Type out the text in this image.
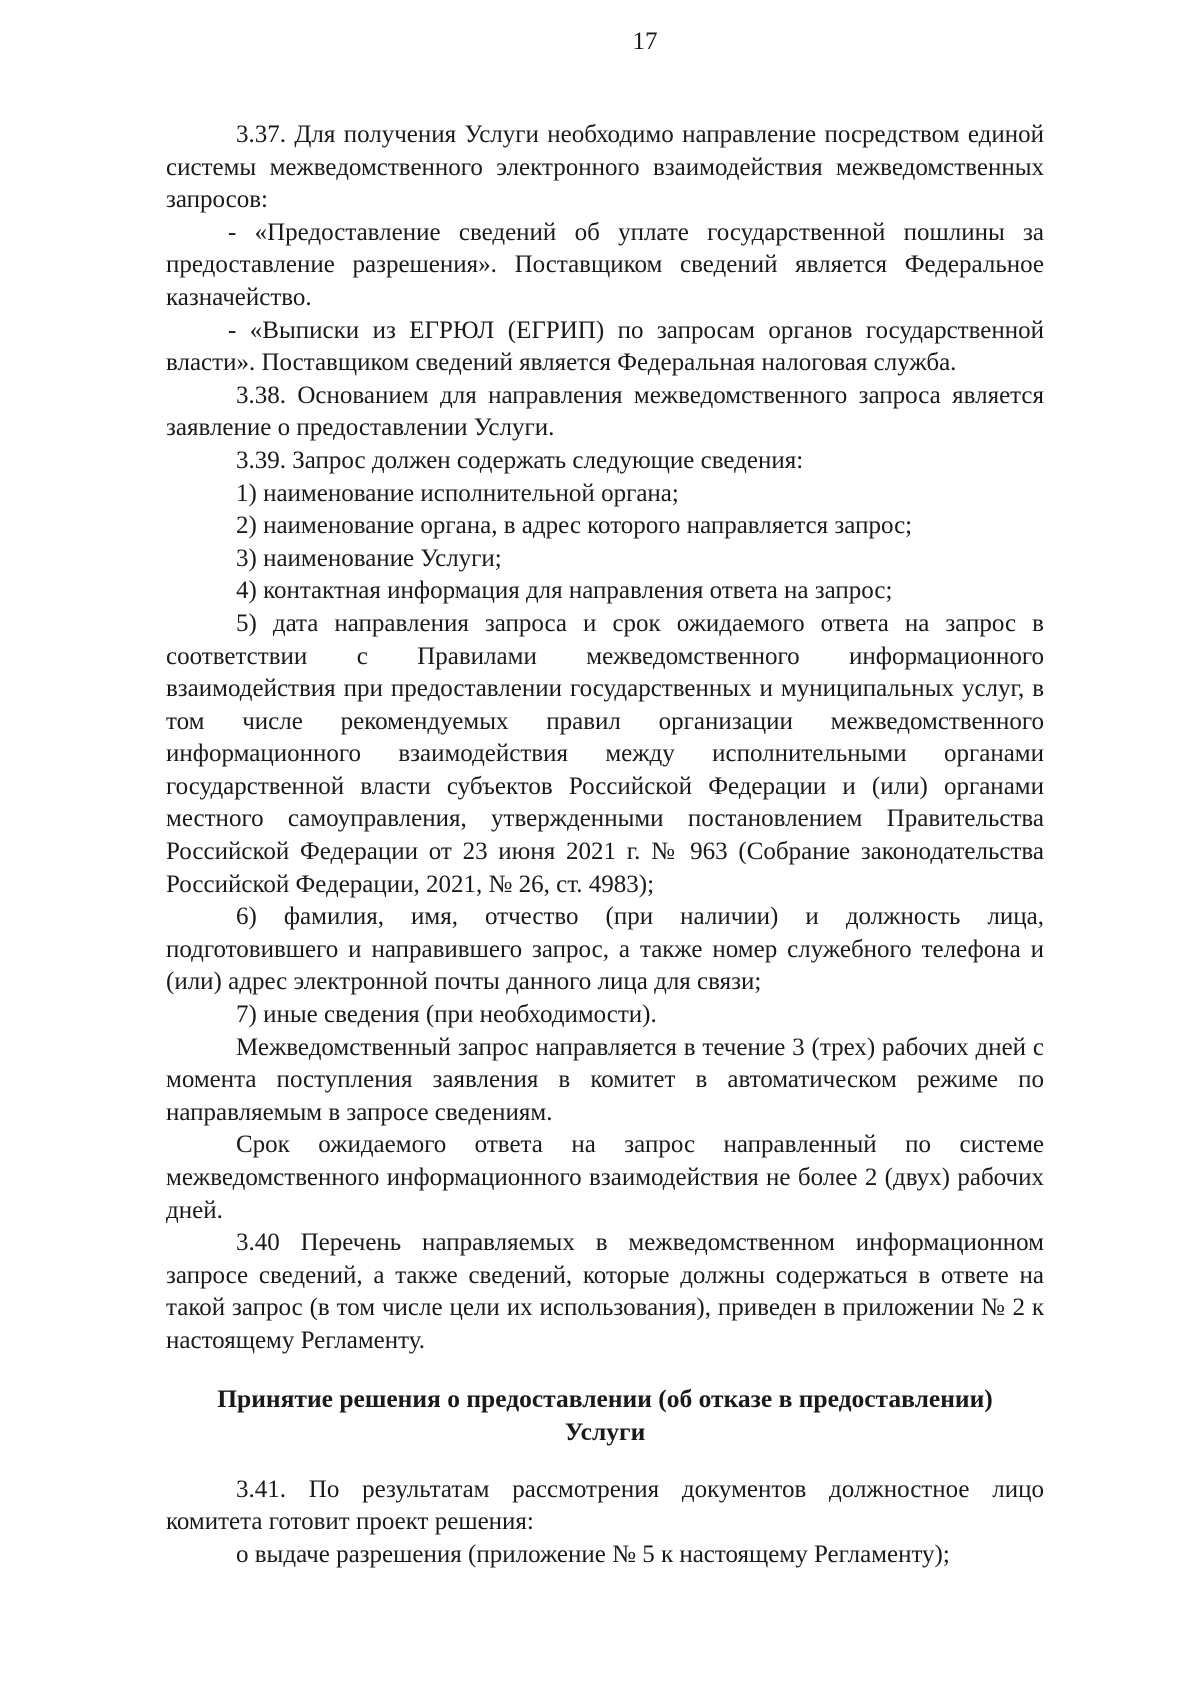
17

3.37. Для получения Услуги необходимо направление посредством единой системы межведомственного электронного взаимодействия межведомственных запросов:

- «Предоставление сведений об уплате государственной пошлины за предоставление разрешения». Поставщиком сведений является Федеральное казначейство.

- «Выписки из ЕГРЮЛ (ЕГРИП) по запросам органов государственной власти». Поставщиком сведений является Федеральная налоговая служба.

3.38. Основанием для направления межведомственного запроса является заявление о предоставлении Услуги.

3.39. Запрос должен содержать следующие сведения:

1) наименование исполнительной органа;

2) наименование органа, в адрес которого направляется запрос;

3) наименование Услуги;

4) контактная информация для направления ответа на запрос;

5) дата направления запроса и срок ожидаемого ответа на запрос в соответствии с Правилами межведомственного информационного взаимодействия при предоставлении государственных и муниципальных услуг, в том числе рекомендуемых правил организации межведомственного информационного взаимодействия между исполнительными органами государственной власти субъектов Российской Федерации и (или) органами местного самоуправления, утвержденными постановлением Правительства Российской Федерации от 23 июня 2021 г. № 963 (Собрание законодательства Российской Федерации, 2021, № 26, ст. 4983);

6) фамилия, имя, отчество (при наличии) и должность лица, подготовившего и направившего запрос, а также номер служебного телефона и (или) адрес электронной почты данного лица для связи;

7) иные сведения (при необходимости).

Межведомственный запрос направляется в течение 3 (трех) рабочих дней с момента поступления заявления в комитет в автоматическом режиме по направляемым в запросе сведениям.

Срок ожидаемого ответа на запрос направленный по системе межведомственного информационного взаимодействия не более 2 (двух) рабочих дней.

3.40 Перечень направляемых в межведомственном информационном запросе сведений, а также сведений, которые должны содержаться в ответе на такой запрос (в том числе цели их использования), приведен в приложении № 2 к настоящему Регламенту.

Принятие решения о предоставлении (об отказе в предоставлении)
Услуги

3.41. По результатам рассмотрения документов должностное лицо комитета готовит проект решения:

о выдаче разрешения (приложение № 5 к настоящему Регламенту);
